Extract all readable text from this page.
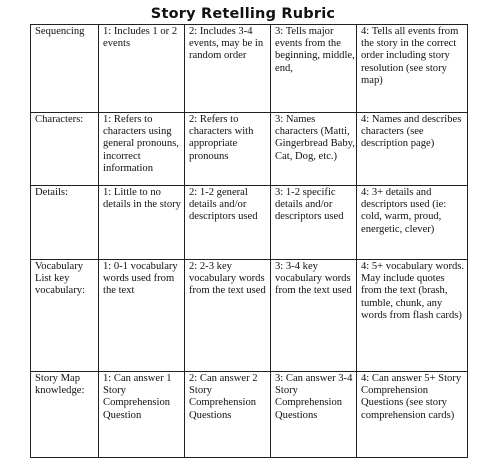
Story Retelling Rubric
Sequencing	1: Includes 1 or 2 events	2: Includes 3-4 events, may be in random order	3: Tells major events from the beginning, middle, end,	4: Tells all events from the story in the correct order including story resolution (see story map)
Characters:	1: Refers to characters using general pronouns, incorrect information	2: Refers to characters with appropriate pronouns	3: Names characters (Matti, Gingerbread Baby, Cat, Dog, etc.)	4: Names and describes characters (see description page)
Details:	1: Little to no details in the story	2: 1-2 general details and/or descriptors used	3: 1-2 specific details and/or descriptors used	4: 3+ details and descriptors used (ie: cold, warm, proud, energetic, clever)
Vocabulary List key vocabulary:	1: 0-1 vocabulary words used from the text	2: 2-3 key vocabulary words from the text used	3: 3-4 key vocabulary words from the text used	4: 5+ vocabulary words. May include quotes from the text (brash, tumble, chunk, any words from flash cards)
Story Map knowledge:	1: Can answer 1 Story Comprehension Question	2: Can answer 2 Story Comprehension Questions	3: Can answer 3-4 Story Comprehension Questions	4: Can answer 5+ Story Comprehension Questions (see story comprehension cards)
